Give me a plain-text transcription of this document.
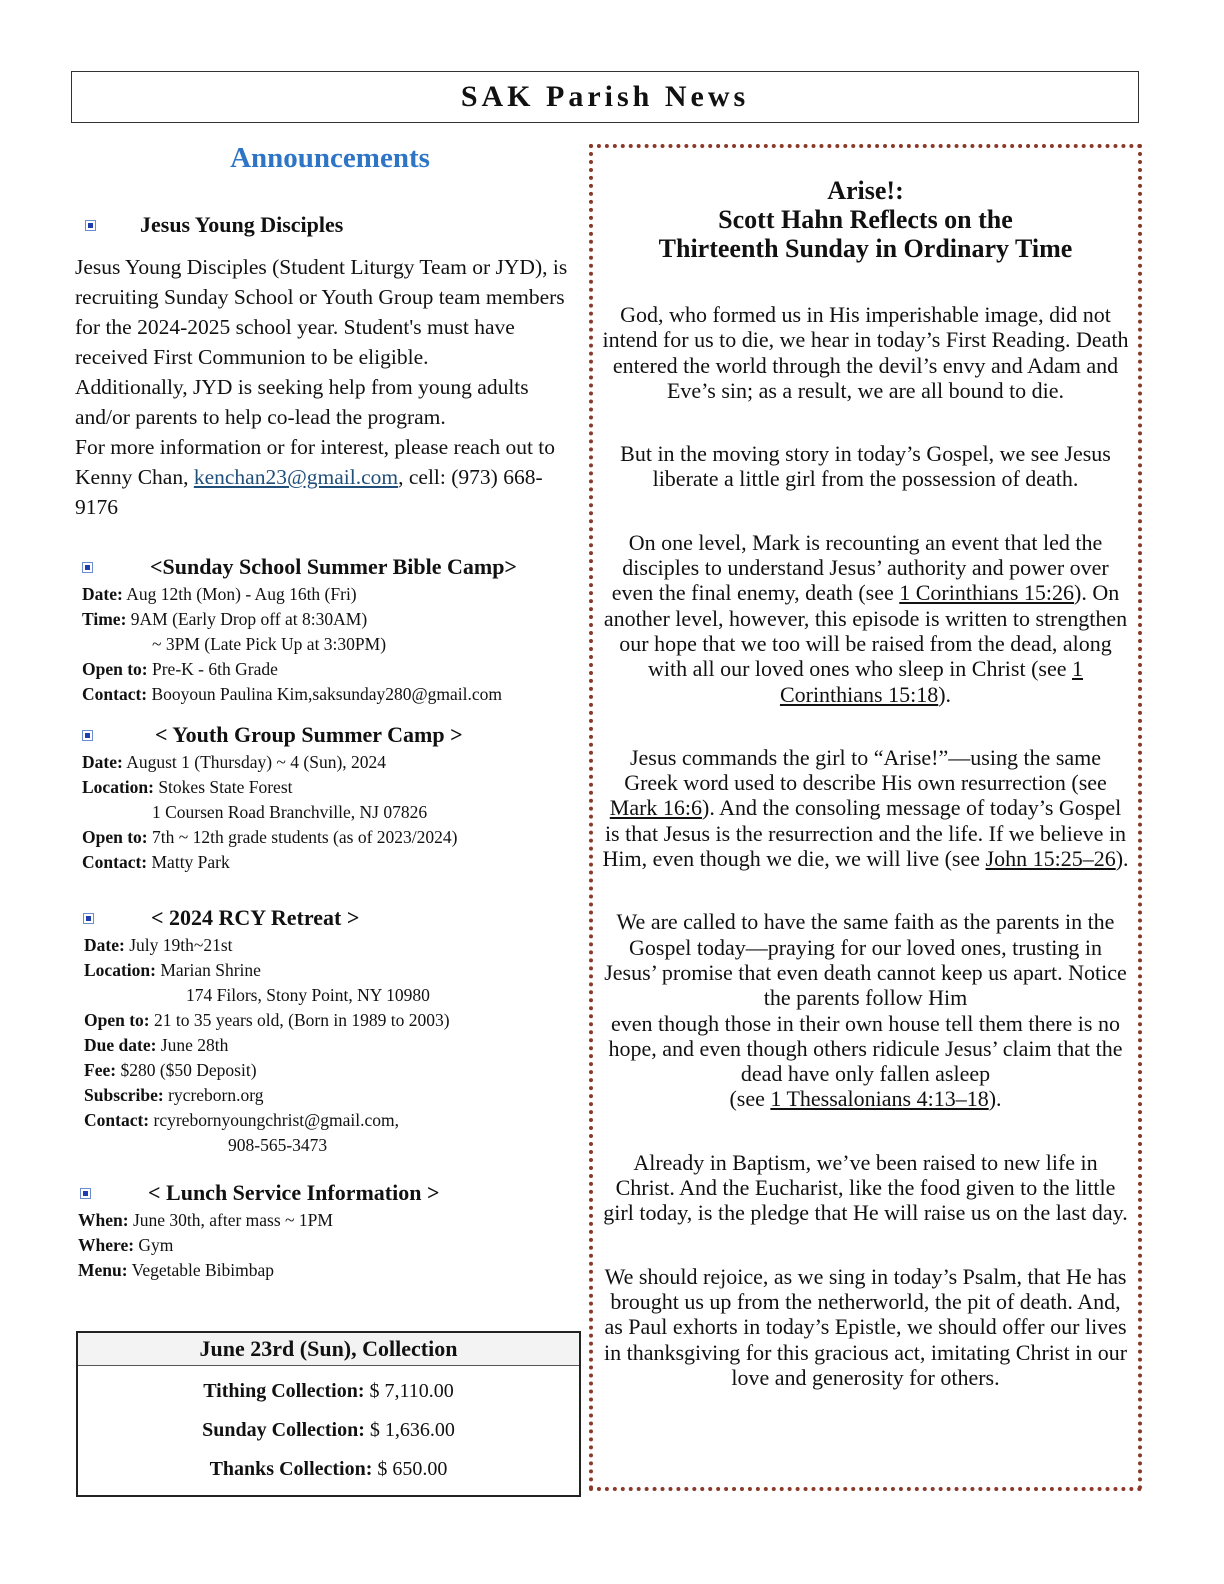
SAK Parish News
Announcements
Jesus Young Disciples

Jesus Young Disciples (Student Liturgy Team or JYD), is recruiting Sunday School or Youth Group team members for the 2024-2025 school year. Student's must have received First Communion to be eligible.

Additionally, JYD is seeking help from young adults and/or parents to help co-lead the program.

For more information or for interest, please reach out to Kenny Chan, kenchan23@gmail.com, cell: (973) 668-9176

<Sunday School Summer Bible Camp>
Date: Aug 12th (Mon) - Aug 16th (Fri)
Time: 9AM (Early Drop off at 8:30AM)
~ 3PM (Late Pick Up at 3:30PM)
Open to: Pre-K - 6th Grade
Contact: Booyoun Paulina Kim,saksunday280@gmail.com
< Youth Group Summer Camp >
Date: August 1 (Thursday) ~ 4 (Sun), 2024
Location: Stokes State Forest
1 Coursen Road Branchville, NJ 07826
Open to: 7th ~ 12th grade students (as of 2023/2024)
Contact: Matty Park
< 2024 RCY Retreat >
Date: July 19th~21st
Location: Marian Shrine
174 Filors, Stony Point, NY 10980
Open to: 21 to 35 years old, (Born in 1989 to 2003)
Due date: June 28th
Fee: $280 ($50 Deposit)
Subscribe: rycreborn.org
Contact: rcyrebornyoungchrist@gmail.com,
908-565-3473
< Lunch Service Information >
When: June 30th, after mass ~ 1PM
Where: Gym
Menu: Vegetable Bibimbap
June 23rd (Sun), Collection
Tithing Collection: $ 7,110.00
Sunday Collection: $ 1,636.00
Thanks Collection: $ 650.00
Arise!:
Scott Hahn Reflects on the
Thirteenth Sunday in Ordinary Time

God, who formed us in His imperishable image, did not intend for us to die, we hear in today’s First Reading. Death entered the world through the devil’s envy and Adam and Eve’s sin; as a result, we are all bound to die.

But in the moving story in today’s Gospel, we see Jesus liberate a little girl from the possession of death.

On one level, Mark is recounting an event that led the disciples to understand Jesus’ authority and power over even the final enemy, death (see 1 Corinthians 15:26). On another level, however, this episode is written to strengthen our hope that we too will be raised from the dead, along with all our loved ones who sleep in Christ (see 1 Corinthians 15:18).

Jesus commands the girl to “Arise!”—using the same Greek word used to describe His own resurrection (see Mark 16:6). And the consoling message of today’s Gospel is that Jesus is the resurrection and the life. If we believe in Him, even though we die, we will live (see John 15:25–26).

We are called to have the same faith as the parents in the Gospel today—praying for our loved ones, trusting in Jesus’ promise that even death cannot keep us apart. Notice the parents follow Him
even though those in their own house tell them there is no hope, and even though others ridicule Jesus’ claim that the dead have only fallen asleep
(see 1 Thessalonians 4:13–18).

Already in Baptism, we’ve been raised to new life in Christ. And the Eucharist, like the food given to the little girl today, is the pledge that He will raise us on the last day.

We should rejoice, as we sing in today’s Psalm, that He has brought us up from the netherworld, the pit of death. And, as Paul exhorts in today’s Epistle, we should offer our lives in thanksgiving for this gracious act, imitating Christ in our love and generosity for others.
